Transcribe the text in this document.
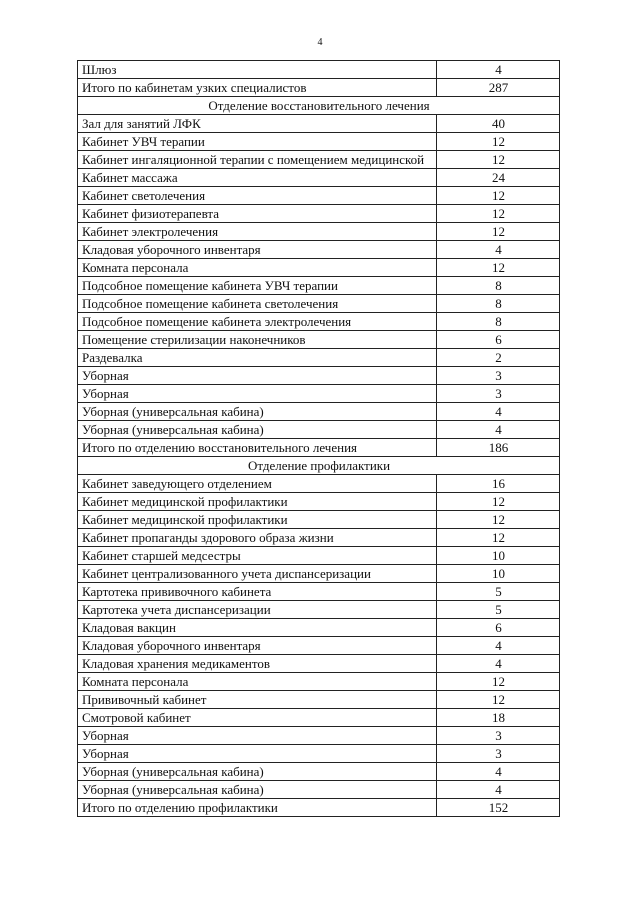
4
Шлюз	4
Итого по кабинетам узких специалистов	287
Отделение восстановительного лечения	
Зал для занятий ЛФК	40
Кабинет УВЧ терапии	12
Кабинет ингаляционной терапии с помещением медицинской	12
Кабинет массажа	24
Кабинет светолечения	12
Кабинет физиотерапевта	12
Кабинет электролечения	12
Кладовая уборочного инвентаря	4
Комната персонала	12
Подсобное помещение кабинета УВЧ терапии	8
Подсобное помещение кабинета светолечения	8
Подсобное помещение кабинета электролечения	8
Помещение стерилизации наконечников	6
Раздевалка	2
Уборная	3
Уборная	3
Уборная (универсальная кабина)	4
Уборная (универсальная кабина)	4
Итого по отделению восстановительного лечения	186
Отделение профилактики	
Кабинет заведующего отделением	16
Кабинет медицинской профилактики	12
Кабинет медицинской профилактики	12
Кабинет пропаганды здорового образа жизни	12
Кабинет старшей медсестры	10
Кабинет централизованного учета диспансеризации	10
Картотека прививочного кабинета	5
Картотека учета диспансеризации	5
Кладовая вакцин	6
Кладовая уборочного инвентаря	4
Кладовая хранения медикаментов	4
Комната персонала	12
Прививочный кабинет	12
Смотровой кабинет	18
Уборная	3
Уборная	3
Уборная (универсальная кабина)	4
Уборная (универсальная кабина)	4
Итого по отделению профилактики	152
